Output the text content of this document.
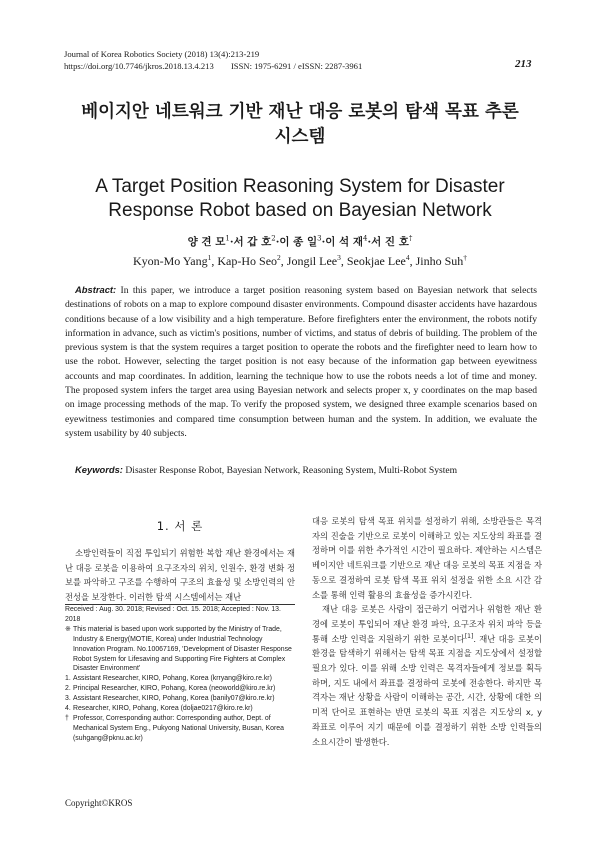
Journal of Korea Robotics Society (2018) 13(4):213-219
https://doi.org/10.7746/jkros.2018.13.4.213        ISSN: 1975-6291 / eISSN: 2287-3961	213
베이지안 네트워크 기반 재난 대응 로봇의 탐색 목표 추론
시스템
A Target Position Reasoning System for Disaster
Response Robot based on Bayesian Network
양 견 모$^1$·서 갑 호$^2$·이 종 일$^3$·이 석 재$^4$·서 진 호†
Kyon-Mo Yang$^1$, Kap-Ho Seo$^2$, Jongil Lee$^3$, Seokjae Lee$^4$, Jinho Suh†
Abstract: In this paper, we introduce a target position reasoning system based on Bayesian network that selects destinations of robots on a map to explore compound disaster environments. Compound disaster accidents have hazardous conditions because of a low visibility and a high temperature. Before firefighters enter the environment, the robots notify information in advance, such as victim's positions, number of victims, and status of debris of building. The problem of the previous system is that the system requires a target position to operate the robots and the firefighter need to learn how to use the robot. However, selecting the target position is not easy because of the information gap between eyewitness accounts and map coordinates. In addition, learning the technique how to use the robots needs a lot of time and money. The proposed system infers the target area using Bayesian network and selects proper x, y coordinates on the map based on image processing methods of the map. To verify the proposed system, we designed three example scenarios based on eyewitness testimonies and compared time consumption between human and the system. In addition, we evaluate the system usability by 40 subjects.
Keywords: Disaster Response Robot, Bayesian Network, Reasoning System, Multi-Robot System
1. 서 론

소방인력들이 직접 투입되기 위험한 복합 재난 환경에서는 재난 대응 로봇을 이용하여 요구조자의 위치, 인원수, 환경 변화 정보를 파악하고 구조를 수행하여 구조의 효율성 및 소방인력의 안전성을 보장한다. 이러한 탐색 시스템에서는 재난

Received : Aug. 30. 2018; Revised : Oct. 15. 2018; Accepted : Nov. 13. 2018
※ This material is based upon work supported by the Ministry of Trade, Industry & Energy(MOTIE, Korea) under Industrial Technology Innovation Program. No.10067169, 'Development of Disaster Response Robot System for Lifesaving and Supporting Fire Fighters at Complex Disaster Environment'
1. Assistant Researcher, KIRO, Pohang, Korea (krryang@kiro.re.kr)
2. Principal Researcher, KIRO, Pohang, Korea (neoworld@kiro.re.kr)
3. Assistant Researcher, KIRO, Pohang, Korea (banily07@kiro.re.kr)
4. Researcher, KIRO, Pohang, Korea (doljae0217@kiro.re.kr)
† Professor, Corresponding author: Corresponding author, Dept. of Mechanical System Eng., Pukyong National University, Busan, Korea (suhgang@pknu.ac.kr)
Copyright©KROS

대응 로봇의 탐색 목표 위치를 설정하기 위해, 소방관들은 목격자의 진술을 기반으로 로봇이 이해하고 있는 지도상의 좌표를 결정하며 이를 위한 추가적인 시간이 필요하다. 제안하는 시스템은 베이지안 네트워크를 기반으로 재난 대응 로봇의 목표 지점을 자동으로 결정하여 로봇 탐색 목표 위치 설정을 위한 소요 시간 감소를 통해 인력 활용의 효율성을 증가시킨다.

재난 대응 로봇은 사람이 접근하기 어렵거나 위험한 재난 환경에 로봇이 투입되어 재난 환경 파악, 요구조자 위치 파악 등을 통해 소방 인력을 지원하기 위한 로봇이다[1]. 재난 대응 로봇이 환경을 탐색하기 위해서는 탐색 목표 지점을 지도상에서 설정할 필요가 있다. 이를 위해 소방 인력은 목격자들에게 정보를 획득하며, 지도 내에서 좌표를 결정하여 로봇에 전송한다. 하지만 목격자는 재난 상황을 사람이 이해하는 공간, 시간, 상황에 대한 의미적 단어로 표현하는 반면 로봇의 목표 지점은 지도상의 x, y 좌표로 이루어 지기 때문에 이를 결정하기 위한 소방 인력들의 소요시간이 발생한다.
